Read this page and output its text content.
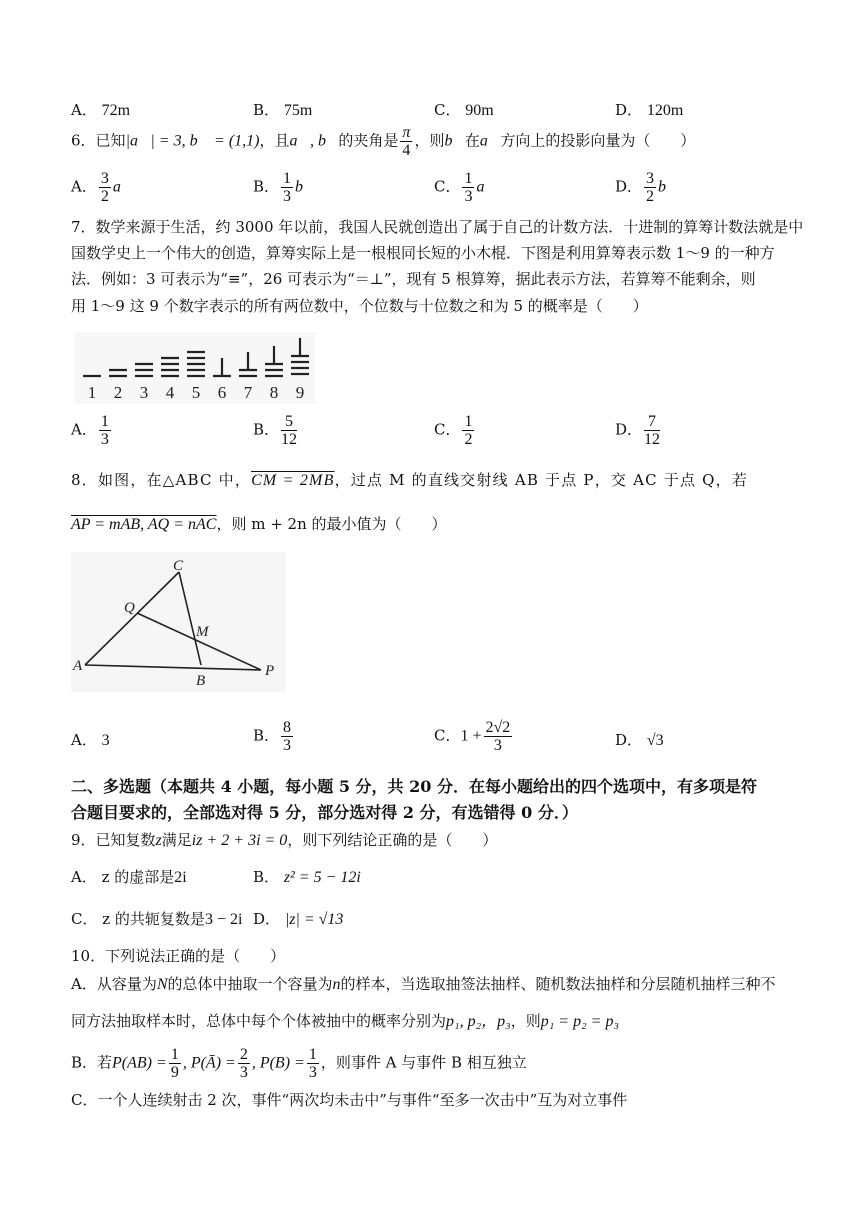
A． 72m	B． 75m	C． 90m	D． 120m
6．已知|a⃗| = 3, b⃗ = (1,1)，且a⃗, b⃗的夹角是 $\frac{\pi}{4}$ ，则b⃗在a⃗方向上的投影向量为（　　）
A． $\frac{3}{2}$ a⃗	B． $\frac{1}{3}$ b⃗	C． $\frac{1}{3}$ a⃗	D． $\frac{3}{2}$ b⃗
7．数学来源于生活，约 3000 年以前，我国人民就创造出了属于自己的计数方法．十进制的算筹计数法就是中
国数学史上一个伟大的创造，算筹实际上是一根根同长短的小木棍．下图是利用算筹表示数 1～9 的一种方
法．例如：3 可表示为“≡”，26 可表示为“＝⊥”，现有 5 根算筹，据此表示方法，若算筹不能剩余，则
用 1～9 这 9 个数字表示的所有两位数中，个位数与十位数之和为 5 的概率是（　　）
1 2 3 4 5 6 7 8 9
A． $\frac{1}{3}$	B． $\frac{5}{12}$	C． $\frac{1}{2}$	D． $\frac{7}{12}$
8．如图，在△ABC 中，CM = 2MB，过点 M 的直线交射线 AB 于点 P，交 AC 于点 Q，若
AP = mAB, AQ = nAC，则 m + 2n 的最小值为（　　）
A
B
C
M
P
Q
A． 3	B． $\frac{8}{3}$	C．$1 + \frac{2√2}{3}$	D． √3
二、多选题（本题共 4 小题，每小题 5 分，共 20 分．在每小题给出的四个选项中，有多项是符
合题目要求的，全部选对得 5 分，部分选对得 2 分，有选错得 0 分．）
9．已知复数z满足iz + 2 + 3i = 0，则下列结论正确的是（　　）
A． z 的虚部是2i	B． z² = 5 − 12i
C． z 的共轭复数是3 − 2i D． |z| = √13
10．下列说法正确的是（　　）
A．从容量为N的总体中抽取一个容量为n的样本，当选取抽签法抽样、随机数法抽样和分层随机抽样三种不
同方法抽取样本时，总体中每个个体被抽中的概率分别为p₁, p₂，p₃，则p₁ = p₂ = p₃
B．若$P(AB) = \frac{1}{9}$ , P(Ā) = $\frac{2}{3}$ , $P(B) = \frac{1}{3}$ ，则事件 A 与事件 B 相互独立
C．一个人连续射击 2 次，事件“两次均未击中”与事件“至多一次击中”互为对立事件
